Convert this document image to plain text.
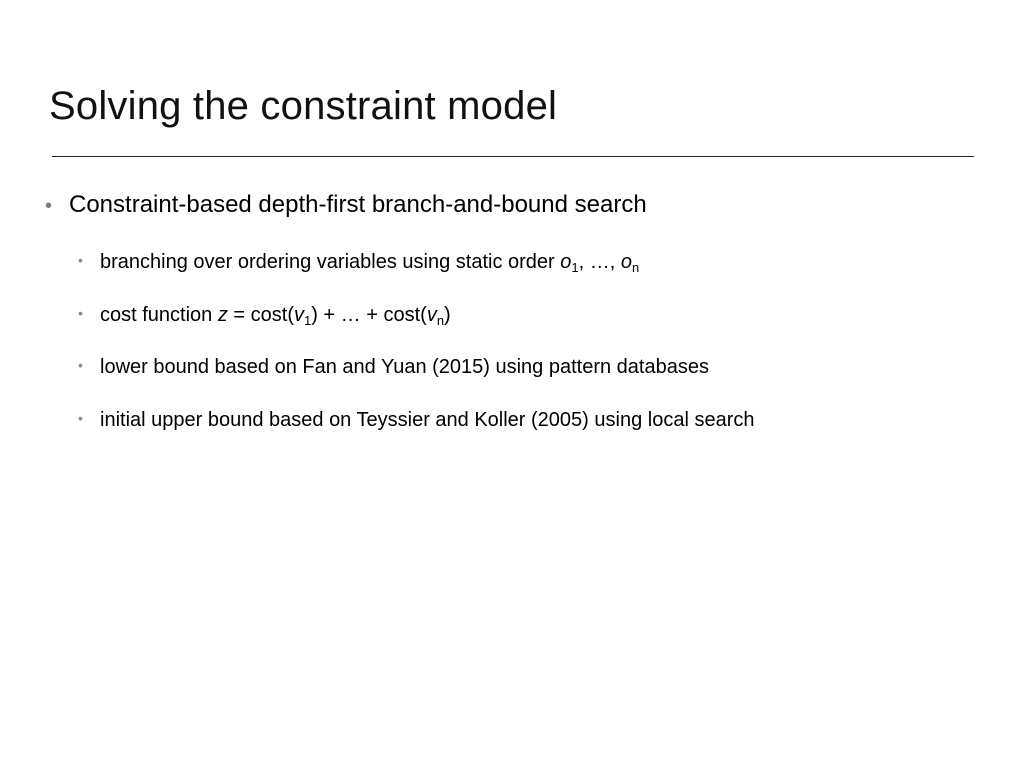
Solving the constraint model
• Constraint-based depth-first branch-and-bound search
• branching over ordering variables using static order $o_1$, …, $o_n$
• cost function $z = \cos t(v_1)$ + … + $\cos t(v_n)$
• lower bound based on Fan and Yuan (2015) using pattern databases
• initial upper bound based on Teyssier and Koller (2005) using local search
